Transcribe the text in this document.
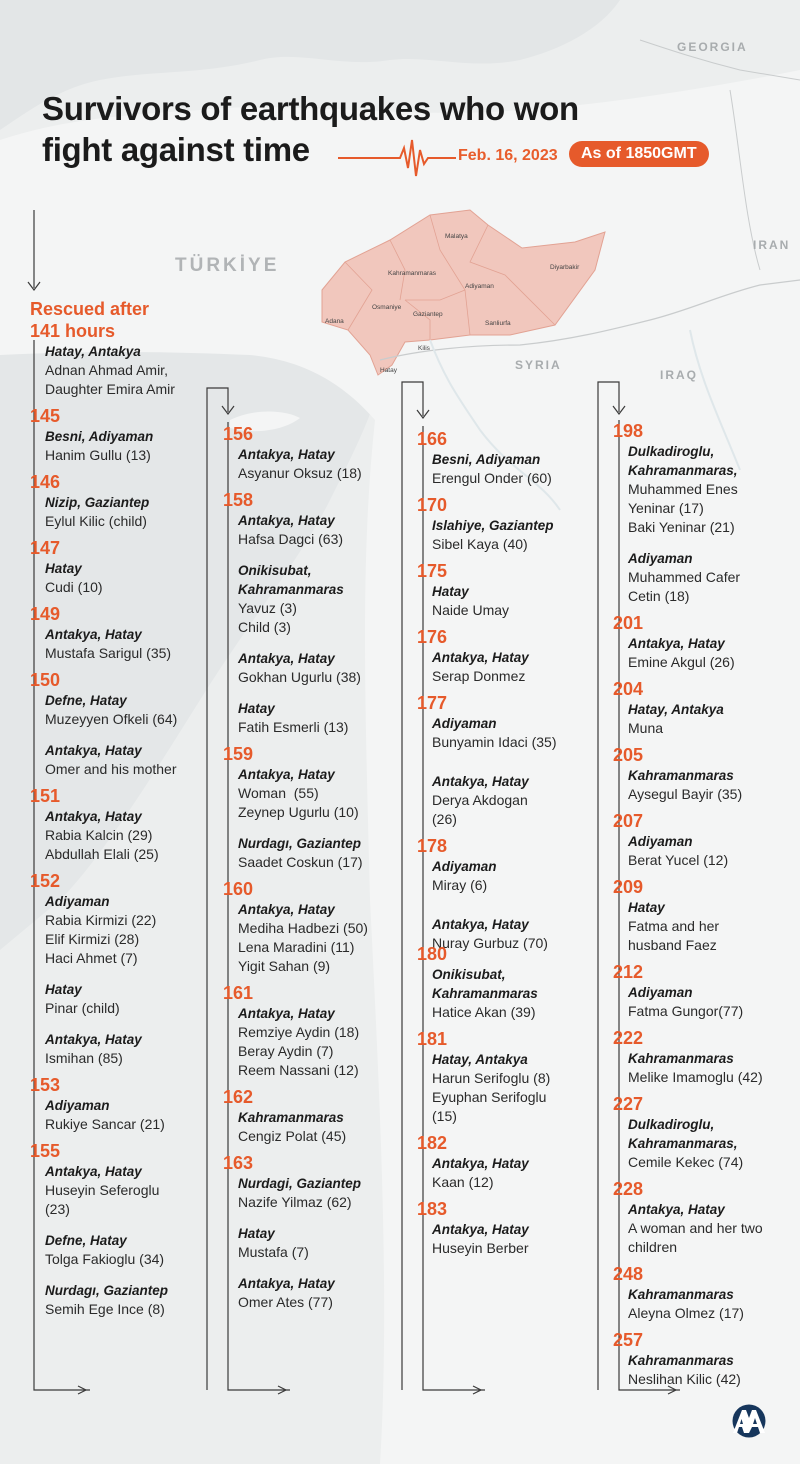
GEORGIA
TÜRKİYE
SYRIA
IRAQ
IRAN
Malatya
Kahramanmaras
Adiyaman
Diyarbakir
Osmaniye
Adana
Gaziantep
Sanliurfa
Kilis
Hatay
Survivors of earthquakes who won
fight against time	Feb. 16, 2023	As of 1850GMT
Rescued after
141 hours
Hatay, Antakya
Adnan Ahmad Amir,
Daughter Emira Amir
145
Besni, Adiyaman
Hanim Gullu (13)
146
Nizip, Gaziantep
Eylul Kilic (child)
147
Hatay
Cudi (10)
149
Antakya, Hatay
Mustafa Sarigul (35)
150
Defne, Hatay
Muzeyyen Ofkeli (64)
Antakya, Hatay
Omer and his mother
151
Antakya, Hatay
Rabia Kalcin (29)
Abdullah Elali (25)
152
Adiyaman
Rabia Kirmizi (22)
Elif Kirmizi (28)
Haci Ahmet (7)
Hatay
Pinar (child)
Antakya, Hatay
Ismihan (85)
153
Adiyaman
Rukiye Sancar (21)
155
Antakya, Hatay
Huseyin Seferoglu
(23)
Defne, Hatay
Tolga Fakioglu (34)
Nurdagı, Gaziantep
Semih Ege Ince (8)
156
Antakya, Hatay
Asyanur Oksuz (18)
158
Antakya, Hatay
Hafsa Dagci (63)
Onikisubat, Kahramanmaras
Yavuz (3)
Child (3)
Antakya, Hatay
Gokhan Ugurlu (38)
Hatay
Fatih Esmerli (13)
159
Antakya, Hatay
Woman  (55)
Zeynep Ugurlu (10)
Nurdagı, Gaziantep
Saadet Coskun (17)
160
Antakya, Hatay
Mediha Hadbezi (50)
Lena Maradini (11)
Yigit Sahan (9)
161
Antakya, Hatay
Remziye Aydin (18)
Beray Aydin (7)
Reem Nassani (12)
162
Kahramanmaras
Cengiz Polat (45)
163
Nurdagi, Gaziantep
Nazife Yilmaz (62)
Hatay
Mustafa (7)
Antakya, Hatay
Omer Ates (77)
166
Besni, Adiyaman
Erengul Onder (60)
170
Islahiye, Gaziantep
Sibel Kaya (40)
175
Hatay
Naide Umay
176
Antakya, Hatay
Serap Donmez
177
Adiyaman
Bunyamin Idaci (35)
Antakya, Hatay
Derya Akdogan
(26)
178
Adiyaman
Miray (6)
Antakya, Hatay
Nuray Gurbuz (70)
180
Onikisubat, Kahramanmaras
Hatice Akan (39)
181
Hatay, Antakya
Harun Serifoglu (8)
Eyuphan Serifoglu
(15)
182
Antakya, Hatay
Kaan (12)
183
Antakya, Hatay
Huseyin Berber
198
Dulkadiroglu, Kahramanmaras,
Muhammed Enes
Yeninar (17)
Baki Yeninar (21)
Adiyaman
Muhammed Cafer
Cetin (18)
201
Antakya, Hatay
Emine Akgul (26)
204
Hatay, Antakya
Muna
205
Kahramanmaras
Aysegul Bayir (35)
207
Adiyaman
Berat Yucel (12)
209
Hatay
Fatma and her
husband Faez
212
Adiyaman
Fatma Gungor(77)
222
Kahramanmaras
Melike Imamoglu (42)
227
Dulkadiroglu, Kahramanmaras,
Cemile Kekec (74)
228
Antakya, Hatay
A woman and her two
children
248
Kahramanmaras
Aleyna Olmez (17)
257
Kahramanmaras
Neslihan Kilic (42)
